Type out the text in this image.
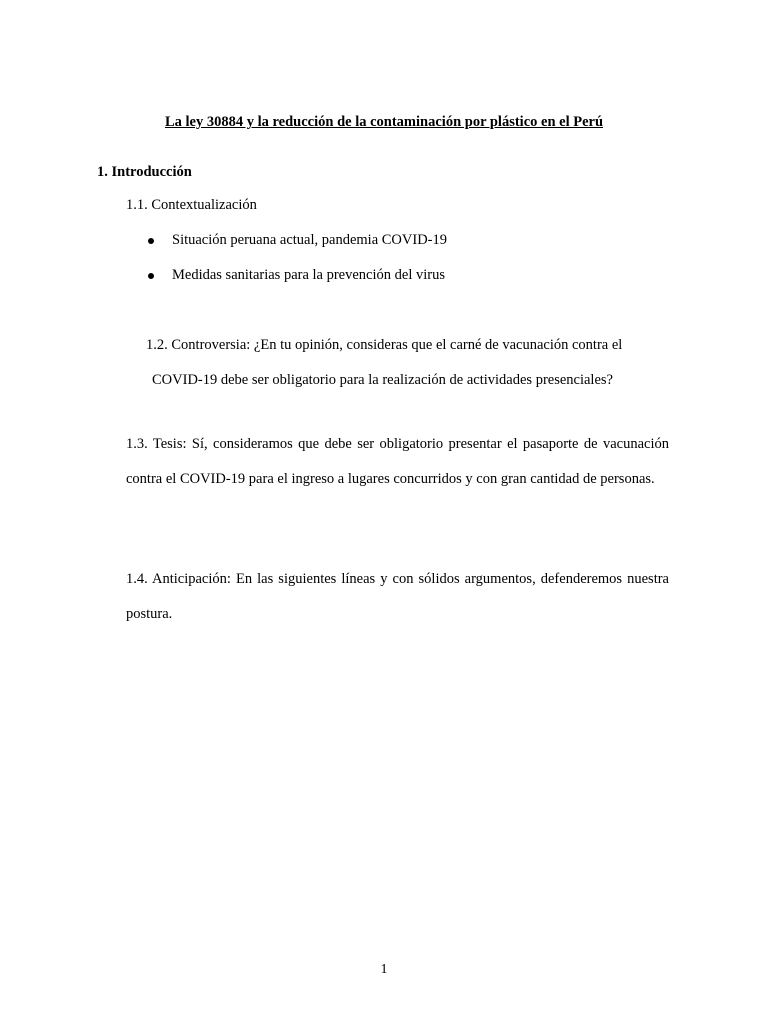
La ley 30884 y la reducción de la contaminación por plástico en el Perú
1. Introducción
1.1. Contextualización
Situación peruana actual, pandemia COVID-19
Medidas sanitarias para la prevención del virus
1.2. Controversia: ¿En tu opinión, consideras que el carné de vacunación contra el
COVID-19 debe ser obligatorio para la realización de actividades presenciales?
1.3. Tesis: Sí, consideramos que debe ser obligatorio presentar el pasaporte de vacunación contra el COVID-19 para el ingreso a lugares concurridos y con gran cantidad de personas.
1.4. Anticipación: En las siguientes líneas y con sólidos argumentos, defenderemos nuestra postura.
1
